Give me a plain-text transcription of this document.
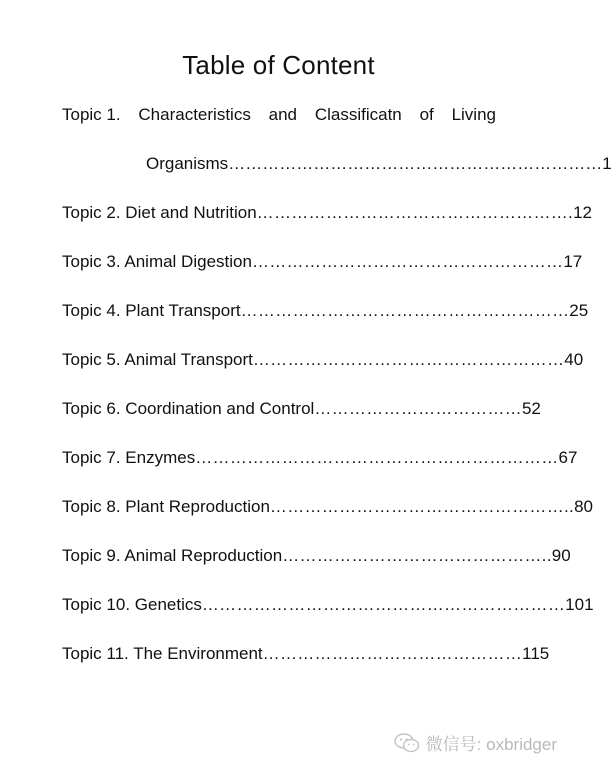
Table of Content
Topic 1. Characteristics and Classificatn of Living
Organisms…………………………………………………………1
Topic 2. Diet and Nutrition……………………………………………….12
Topic 3. Animal Digestion………………………………………………17
Topic 4. Plant Transport…………………………………………………25
Topic 5. Animal Transport………………………………………………40
Topic 6. Coordination and Control………………………………52
Topic 7. Enzymes………………………………………………………67
Topic 8. Plant Reproduction……………………………………………..80
Topic 9. Animal Reproduction………………………………………..90
Topic 10. Genetics………………………………………………………101
Topic 11. The Environment………………………………………115
微信号: oxbridger
